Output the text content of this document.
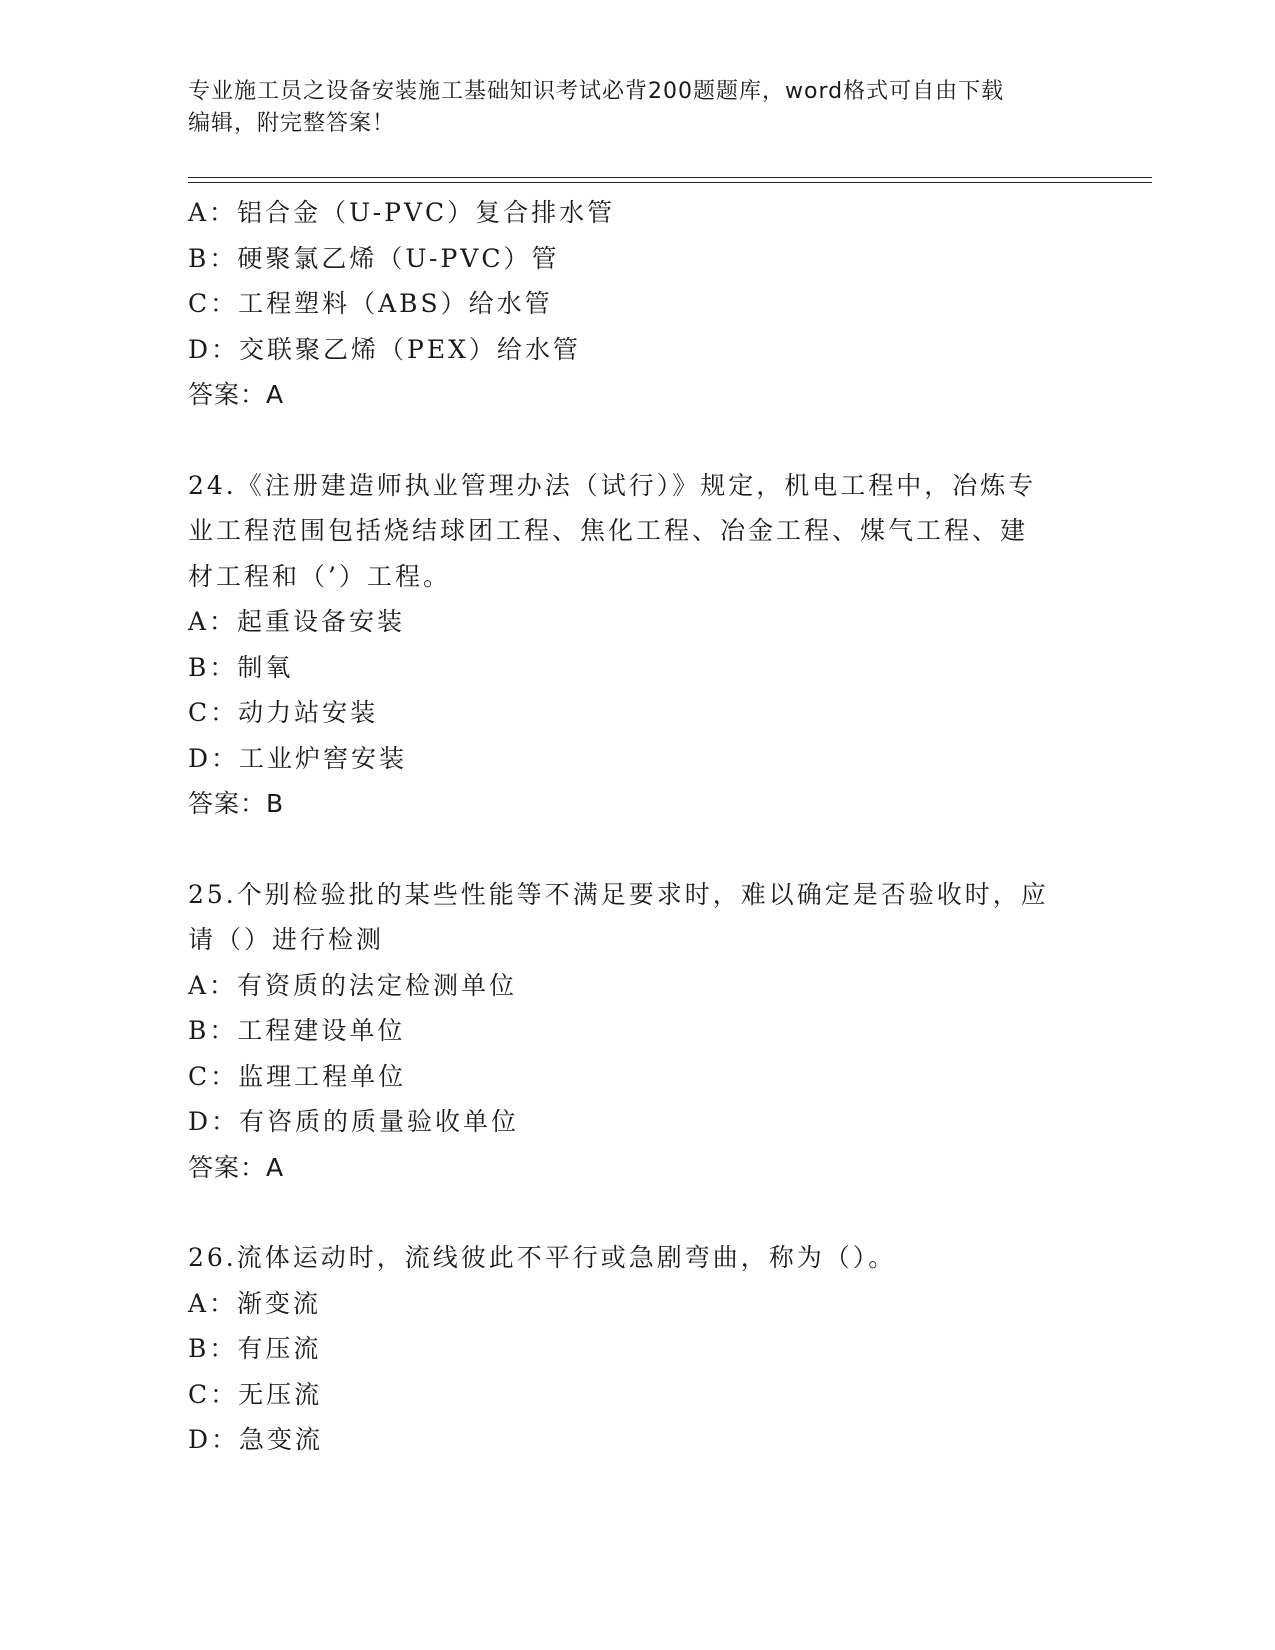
专业施工员之设备安装施工基础知识考试必背200题题库，word格式可自由下载
编辑，附完整答案！
A：铝合金（U-PVC）复合排水管
B：硬聚氯乙烯（U-PVC）管
C：工程塑料（ABS）给水管
D：交联聚乙烯（PEX）给水管
答案：A
24.《注册建造师执业管理办法（试行）》规定，机电工程中，冶炼专
业工程范围包括烧结球团工程、焦化工程、冶金工程、煤气工程、建
材工程和（’）工程。
A：起重设备安装
B：制氧
C：动力站安装
D：工业炉窖安装
答案：B
25.个别检验批的某些性能等不满足要求时，难以确定是否验收时，应
请（）进行检测
A：有资质的法定检测单位
B：工程建设单位
C：监理工程单位
D：有咨质的质量验收单位
答案：A
26.流体运动时，流线彼此不平行或急剧弯曲，称为（）。
A：渐变流
B：有压流
C：无压流
D：急变流
